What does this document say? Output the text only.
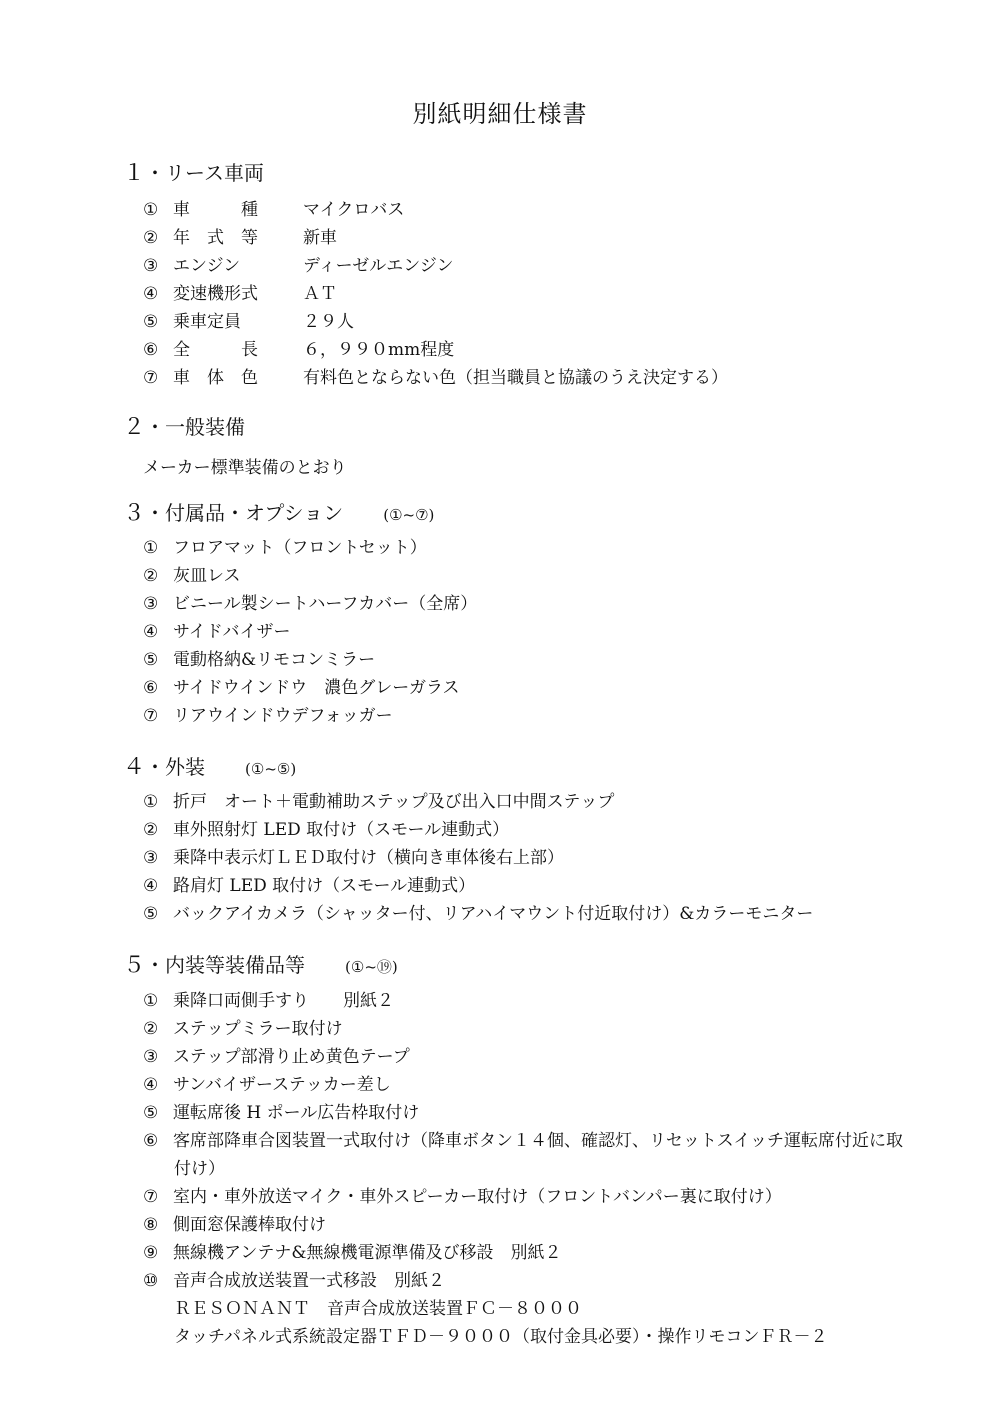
別紙明細仕様書
１・リース車両
① 車　　　種	マイクロバス
② 年　式　等	新車
③ エンジン	ディーゼルエンジン
④ 変速機形式	ＡＴ
⑤ 乗車定員	２９人
⑥ 全　　　長	６，９９０mm程度
⑦ 車　体　色	有料色とならない色（担当職員と協議のうえ決定する）
２・一般装備
メーカー標準装備のとおり
３・付属品・オプション	(①~⑦)
① フロアマット（フロントセット）
② 灰皿レス
③ ビニール製シートハーフカバー（全席）
④ サイドバイザー
⑤ 電動格納&リモコンミラー
⑥ サイドウインドウ　濃色グレーガラス
⑦ リアウインドウデフォッガー
４・外装	(①~⑤)
① 折戸　オート＋電動補助ステップ及び出入口中間ステップ
② 車外照射灯 LED 取付け（スモール連動式）
③ 乗降中表示灯ＬＥＤ取付け（横向き車体後右上部）
④ 路肩灯 LED 取付け（スモール連動式）
⑤ バックアイカメラ（シャッター付、リアハイマウント付近取付け）&カラーモニター
５・内装等装備品等	(①~⑲)
① 乗降口両側手すり　　別紙２
② ステップミラー取付け
③ ステップ部滑り止め黄色テープ
④ サンバイザーステッカー差し
⑤ 運転席後 H ポール広告枠取付け
⑥ 客席部降車合図装置一式取付け（降車ボタン１４個、確認灯、リセットスイッチ運転席付近に取
付け）
⑦ 室内・車外放送マイク・車外スピーカー取付け（フロントバンパー裏に取付け）
⑧ 側面窓保護棒取付け
⑨ 無線機アンテナ&無線機電源準備及び移設　別紙２
⑩ 音声合成放送装置一式移設　別紙２
ＲＥＳＯＮＡＮＴ　音声合成放送装置ＦＣ－８０００
タッチパネル式系統設定器ＴＦＤ－９０００（取付金具必要）・操作リモコンＦＲ－２
